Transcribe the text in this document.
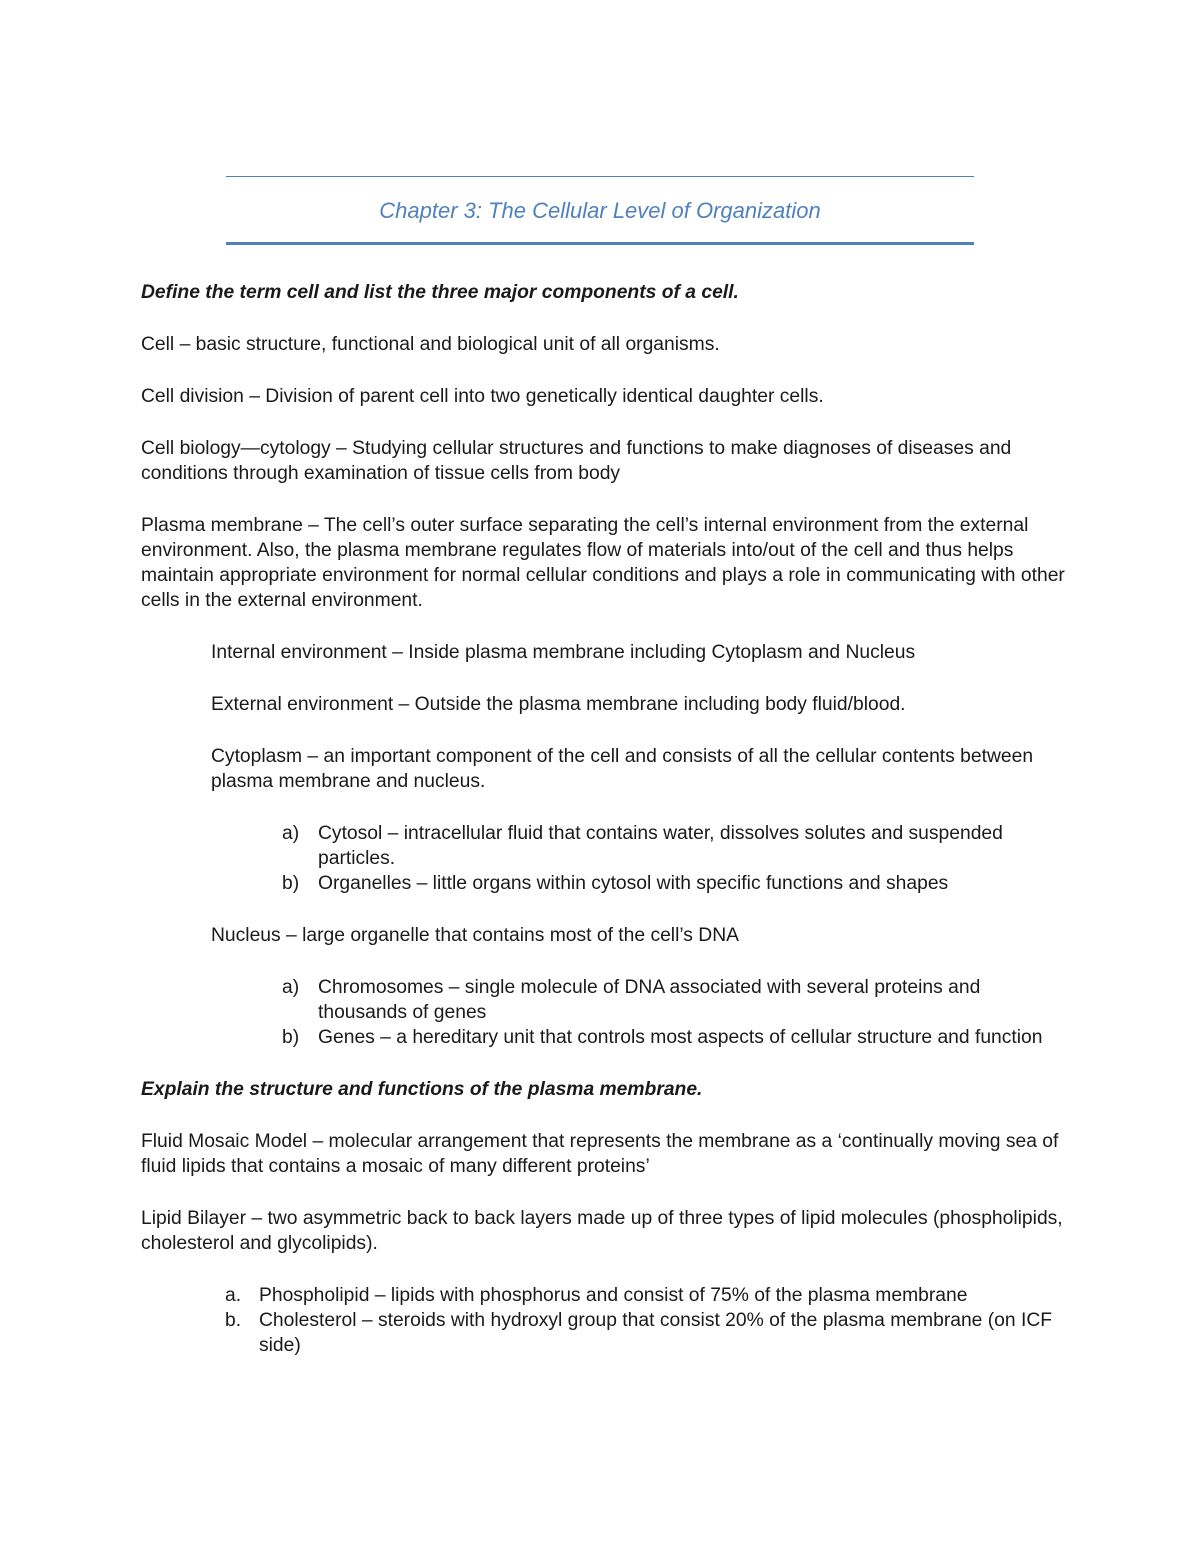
Chapter 3: The Cellular Level of Organization
Define the term cell and list the three major components of a cell.

Cell – basic structure, functional and biological unit of all organisms.

Cell division – Division of parent cell into two genetically identical daughter cells.

Cell biology—cytology – Studying cellular structures and functions to make diagnoses of diseases and conditions through examination of tissue cells from body

Plasma membrane – The cell’s outer surface separating the cell’s internal environment from the external environment. Also, the plasma membrane regulates flow of materials into/out of the cell and thus helps maintain appropriate environment for normal cellular conditions and plays a role in communicating with other cells in the external environment.

Internal environment – Inside plasma membrane including Cytoplasm and Nucleus

External environment – Outside the plasma membrane including body fluid/blood.

Cytoplasm – an important component of the cell and consists of all the cellular contents between plasma membrane and nucleus.

a) Cytosol – intracellular fluid that contains water, dissolves solutes and suspended particles.
b) Organelles – little organs within cytosol with specific functions and shapes

Nucleus – large organelle that contains most of the cell’s DNA

a) Chromosomes – single molecule of DNA associated with several proteins and thousands of genes
b) Genes – a hereditary unit that controls most aspects of cellular structure and function
Explain the structure and functions of the plasma membrane.

Fluid Mosaic Model – molecular arrangement that represents the membrane as a ‘continually moving sea of fluid lipids that contains a mosaic of many different proteins’

Lipid Bilayer – two asymmetric back to back layers made up of three types of lipid molecules (phospholipids, cholesterol and glycolipids).

a. Phospholipid – lipids with phosphorus and consist of 75% of the plasma membrane
b. Cholesterol – steroids with hydroxyl group that consist 20% of the plasma membrane (on ICF side)
